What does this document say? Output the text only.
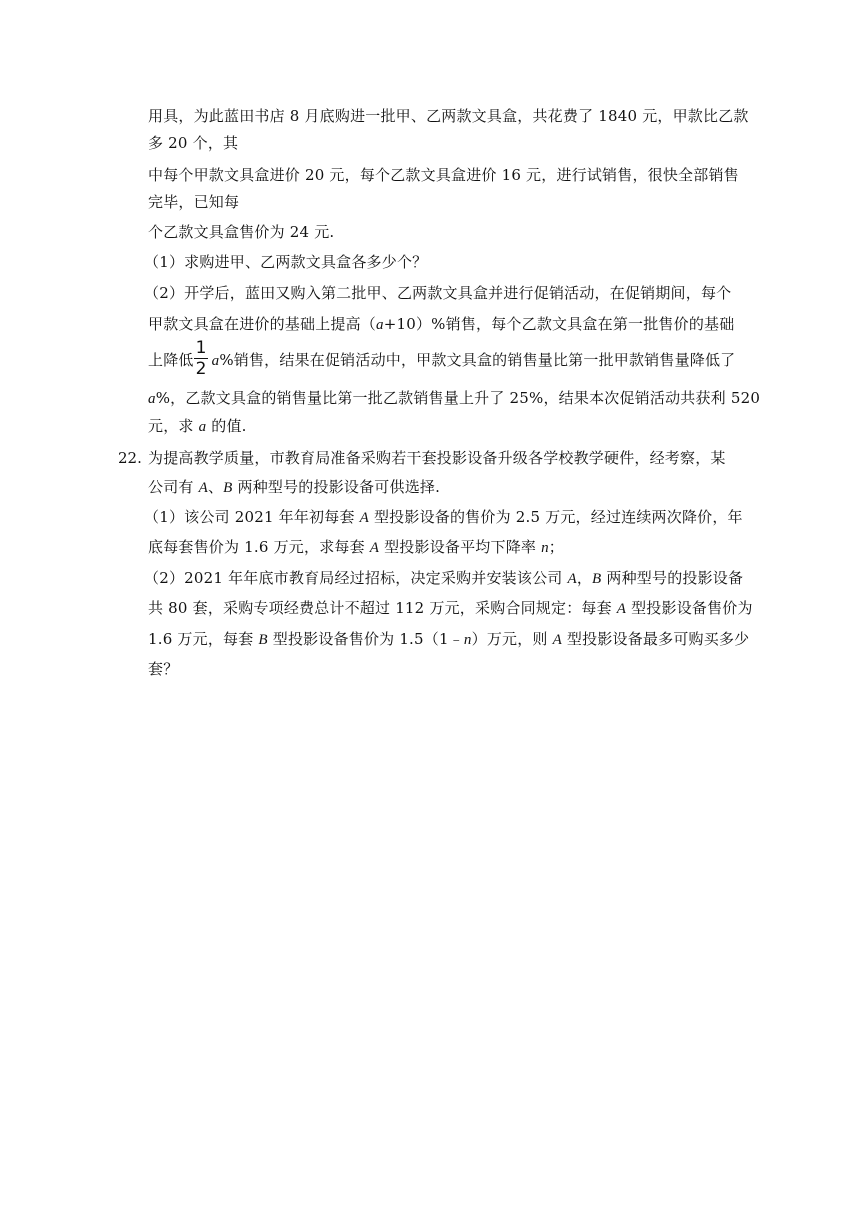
用具，为此蓝田书店 8 月底购进一批甲、乙两款文具盒，共花费了 1840 元，甲款比乙款
多 20 个，其
中每个甲款文具盒进价 20 元，每个乙款文具盒进价 16 元，进行试销售，很快全部销售
完毕，已知每
个乙款文具盒售价为 24 元.
（1）求购进甲、乙两款文具盒各多少个？
（2）开学后，蓝田又购入第二批甲、乙两款文具盒并进行促销活动，在促销期间，每个
甲款文具盒在进价的基础上提高（a+10）%销售，每个乙款文具盒在第一批售价的基础
上降低 a%销售，结果在促销活动中，甲款文具盒的销售量比第一批甲款销售量降低了
1
2
a%，乙款文具盒的销售量比第一批乙款销售量上升了 25%，结果本次促销活动共获利 520
元，求 a 的值.
22. 为提高教学质量，市教育局准备采购若干套投影设备升级各学校教学硬件，经考察，某
公司有 A、B 两种型号的投影设备可供选择.
（1）该公司 2021 年年初每套 A 型投影设备的售价为 2.5 万元，经过连续两次降价，年
底每套售价为 1.6 万元，求每套 A 型投影设备平均下降率 n；
（2）2021 年年底市教育局经过招标，决定采购并安装该公司 A，B 两种型号的投影设备
共 80 套，采购专项经费总计不超过 112 万元，采购合同规定：每套 A 型投影设备售价为
1.6 万元，每套 B 型投影设备售价为 1.5（1﹣n）万元，则 A 型投影设备最多可购买多少
套？
